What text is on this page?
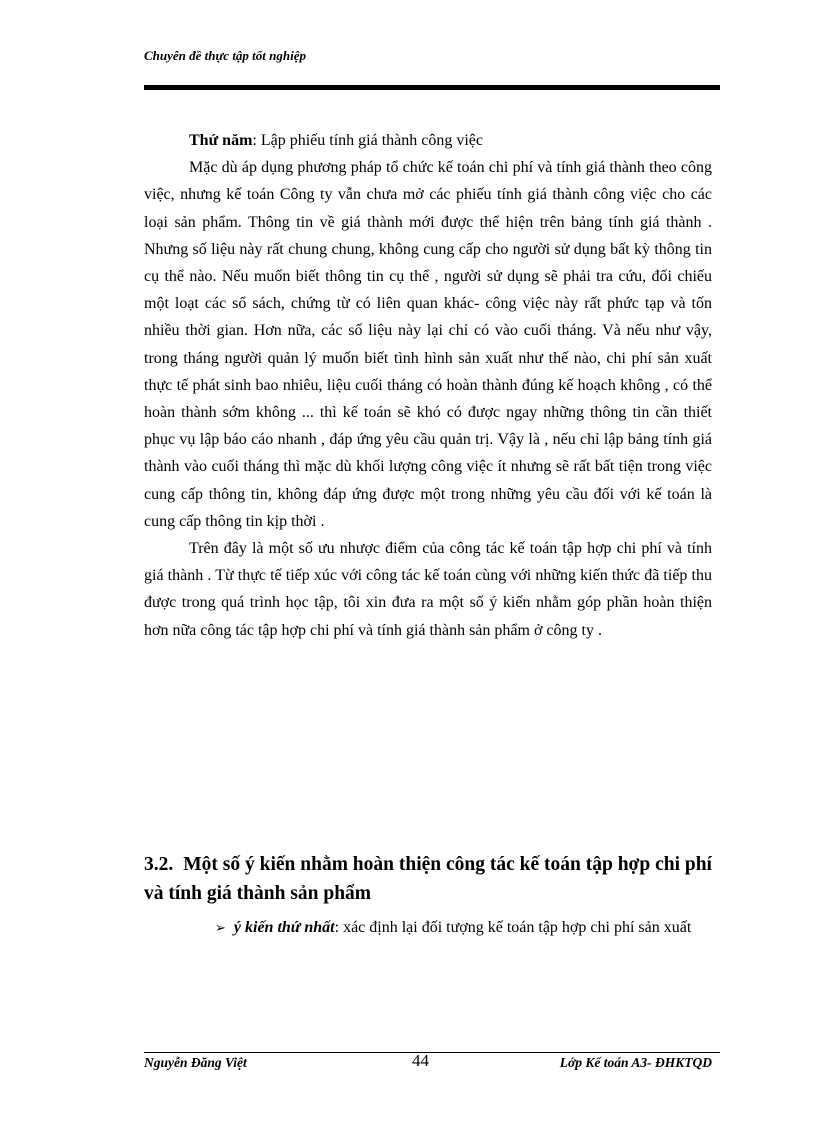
Chuyên đề thực tập tốt nghiệp

Thứ năm: Lập phiếu tính giá thành công việc

Mặc dù áp dụng phương pháp tổ chức kế toán chi phí và tính giá thành theo công việc, nhưng kế toán Công ty vẫn chưa mở các phiếu tính giá thành công việc cho các loại sản phẩm. Thông tin về giá thành mới được thể hiện trên bảng tính giá thành . Nhưng số liệu này rất chung chung, không cung cấp cho người sử dụng bất kỳ thông tin cụ thể nào. Nếu muốn biết thông tin cụ thể , người sử dụng sẽ phải tra cứu, đối chiếu một loạt các sổ sách, chứng từ có liên quan khác- công việc này rất phức tạp và tốn nhiều thời gian. Hơn nữa, các số liệu này lại chỉ có vào cuối tháng. Và nếu như vậy, trong tháng người quản lý muốn biết tình hình sản xuất như thế nào, chi phí sản xuất thực tế phát sinh bao nhiêu, liệu cuối tháng có hoàn thành đúng kế hoạch không , có thể hoàn thành sớm không ... thì kế toán sẽ khó có được ngay những thông tin cần thiết phục vụ lập báo cáo nhanh , đáp ứng yêu cầu quản trị. Vậy là , nếu chỉ lập bảng tính giá thành vào cuối tháng thì mặc dù khối lượng công việc ít nhưng sẽ rất bất tiện trong việc cung cấp thông tin, không đáp ứng được một trong những yêu cầu đối với kế toán là cung cấp thông tin kịp thời .

Trên đây là một số ưu nhược điểm của công tác kế toán tập hợp chi phí và tính giá thành . Từ thực tế tiếp xúc với công tác kế toán cùng với những kiến thức đã tiếp thu được trong quá trình học tập, tôi xin đưa ra một số ý kiến nhằm góp phần hoàn thiện hơn nữa công tác tập hợp chi phí và tính giá thành sản phẩm ở công ty .

3.2. Một số ý kiến nhằm hoàn thiện công tác kế toán tập hợp chi phí và tính giá thành sản phẩm

➢ ý kiến thứ nhất: xác định lại đối tượng kế toán tập hợp chi phí sản xuất

Nguyễn Đăng Việt	44	Lớp Kế toán A3- ĐHKTQD
